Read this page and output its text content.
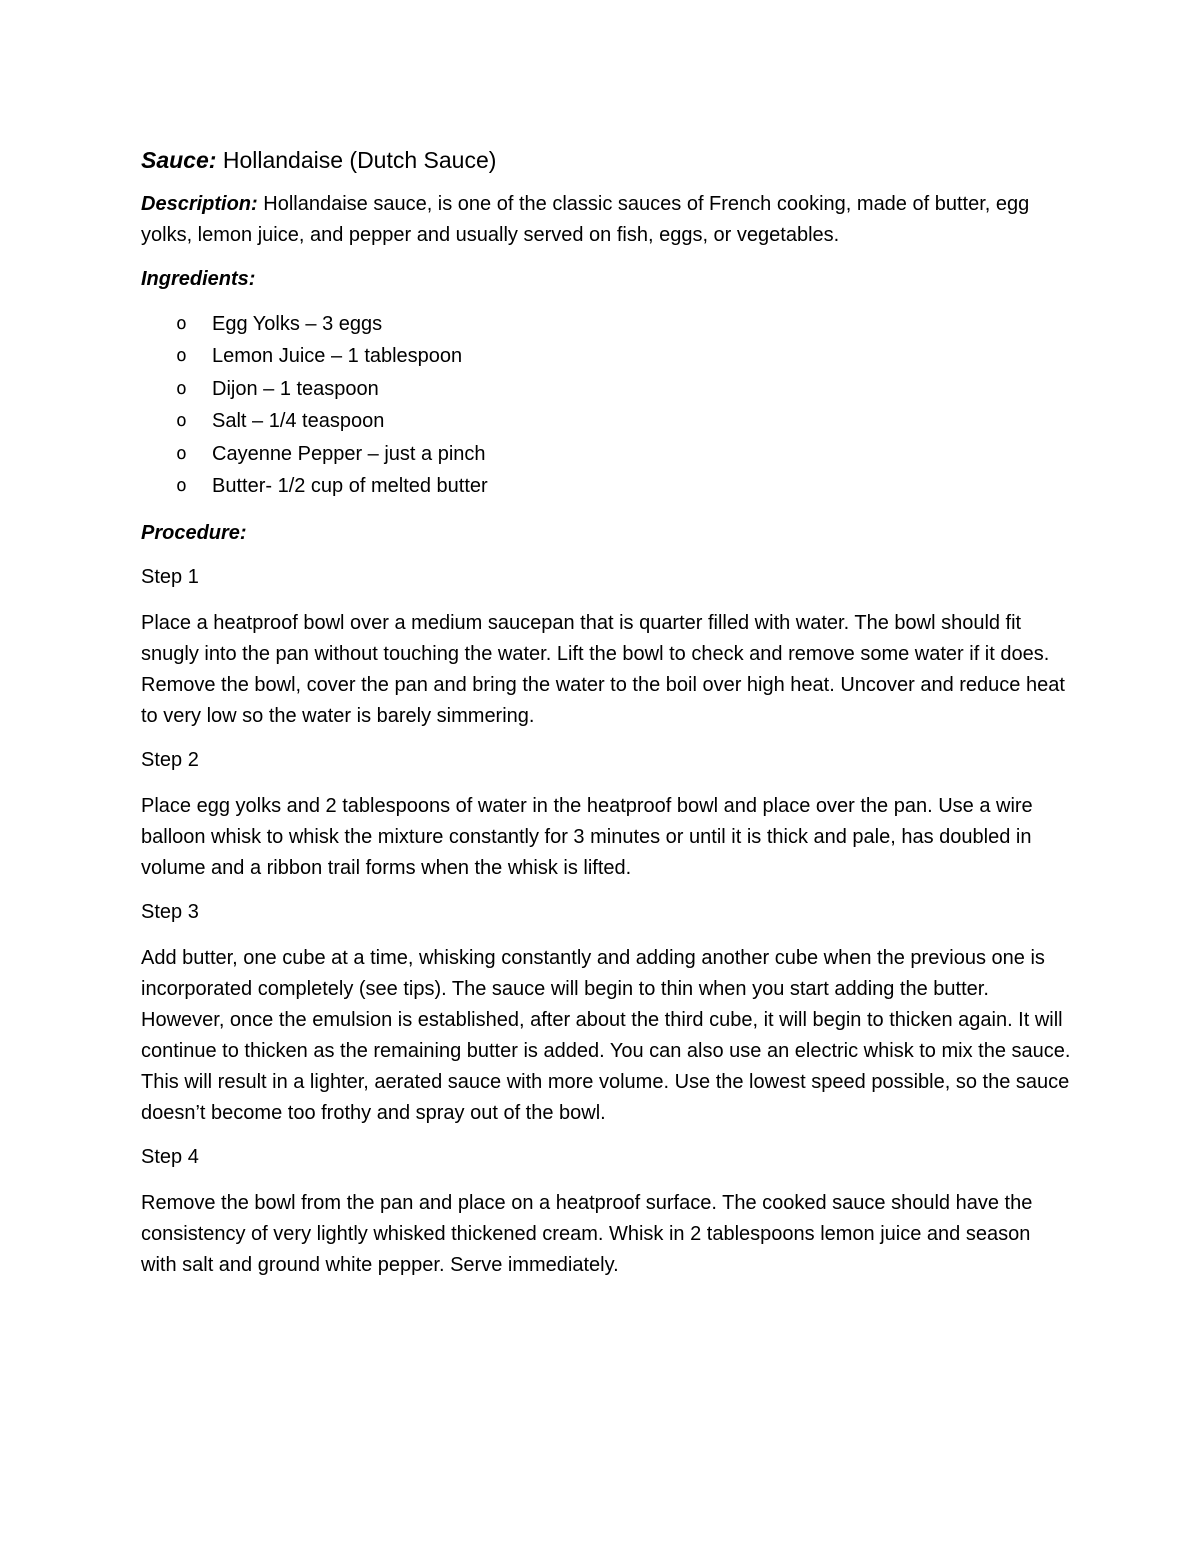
Sauce: Hollandaise (Dutch Sauce)
Description: Hollandaise sauce, is one of the classic sauces of French cooking, made of butter, egg yolks, lemon juice, and pepper and usually served on fish, eggs, or vegetables.
Ingredients:
o Egg Yolks – 3 eggs
o Lemon Juice – 1 tablespoon
o Dijon – 1 teaspoon
o Salt – 1/4 teaspoon
o Cayenne Pepper – just a pinch
o Butter- 1/2 cup of melted butter
Procedure:
Step 1
Place a heatproof bowl over a medium saucepan that is quarter filled with water. The bowl should fit snugly into the pan without touching the water. Lift the bowl to check and remove some water if it does. Remove the bowl, cover the pan and bring the water to the boil over high heat. Uncover and reduce heat to very low so the water is barely simmering.
Step 2
Place egg yolks and 2 tablespoons of water in the heatproof bowl and place over the pan. Use a wire balloon whisk to whisk the mixture constantly for 3 minutes or until it is thick and pale, has doubled in volume and a ribbon trail forms when the whisk is lifted.
Step 3
Add butter, one cube at a time, whisking constantly and adding another cube when the previous one is incorporated completely (see tips). The sauce will begin to thin when you start adding the butter. However, once the emulsion is established, after about the third cube, it will begin to thicken again. It will continue to thicken as the remaining butter is added. You can also use an electric whisk to mix the sauce. This will result in a lighter, aerated sauce with more volume. Use the lowest speed possible, so the sauce doesn’t become too frothy and spray out of the bowl.
Step 4
Remove the bowl from the pan and place on a heatproof surface. The cooked sauce should have the consistency of very lightly whisked thickened cream. Whisk in 2 tablespoons lemon juice and season with salt and ground white pepper. Serve immediately.
